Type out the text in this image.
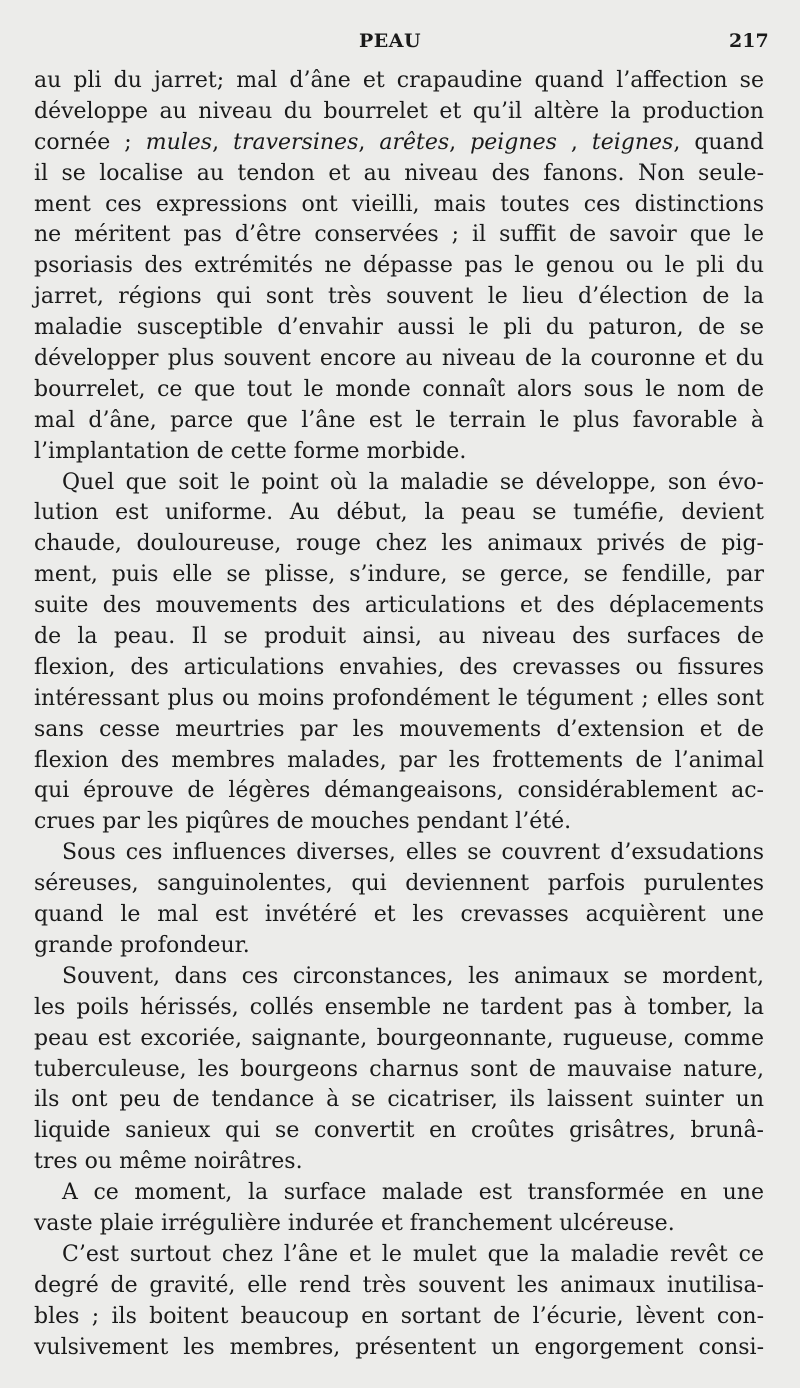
PEAU	217
au pli du jarret; mal d’âne et crapaudine quand l’affection se
développe au niveau du bourrelet et qu’il altère la production
cornée ; mules, traversines, arêtes, peignes , teignes, quand
il se localise au tendon et au niveau des fanons. Non seule-
ment ces expressions ont vieilli, mais toutes ces distinctions
ne méritent pas d’être conservées ; il suffit de savoir que le
psoriasis des extrémités ne dépasse pas le genou ou le pli du
jarret, régions qui sont très souvent le lieu d’élection de la
maladie susceptible d’envahir aussi le pli du paturon, de se
développer plus souvent encore au niveau de la couronne et du
bourrelet, ce que tout le monde connaît alors sous le nom de
mal d’âne, parce que l’âne est le terrain le plus favorable à
l’implantation de cette forme morbide.
Quel que soit le point où la maladie se développe, son évo-
lution est uniforme. Au début, la peau se tuméfie, devient
chaude, douloureuse, rouge chez les animaux privés de pig-
ment, puis elle se plisse, s’indure, se gerce, se fendille, par
suite des mouvements des articulations et des déplacements
de la peau. Il se produit ainsi, au niveau des surfaces de
flexion, des articulations envahies, des crevasses ou fissures
intéressant plus ou moins profondément le tégument ; elles sont
sans cesse meurtries par les mouvements d’extension et de
flexion des membres malades, par les frottements de l’animal
qui éprouve de légères démangeaisons, considérablement ac-
crues par les piqûres de mouches pendant l’été.
Sous ces influences diverses, elles se couvrent d’exsudations
séreuses, sanguinolentes, qui deviennent parfois purulentes
quand le mal est invétéré et les crevasses acquièrent une
grande profondeur.
Souvent, dans ces circonstances, les animaux se mordent,
les poils hérissés, collés ensemble ne tardent pas à tomber, la
peau est excoriée, saignante, bourgeonnante, rugueuse, comme
tuberculeuse, les bourgeons charnus sont de mauvaise nature,
ils ont peu de tendance à se cicatriser, ils laissent suinter un
liquide sanieux qui se convertit en croûtes grisâtres, brunâ-
tres ou même noirâtres.
A ce moment, la surface malade est transformée en une
vaste plaie irrégulière indurée et franchement ulcéreuse.
C’est surtout chez l’âne et le mulet que la maladie revêt ce
degré de gravité, elle rend très souvent les animaux inutilisa-
bles ; ils boitent beaucoup en sortant de l’écurie, lèvent con-
vulsivement les membres, présentent un engorgement consi-
